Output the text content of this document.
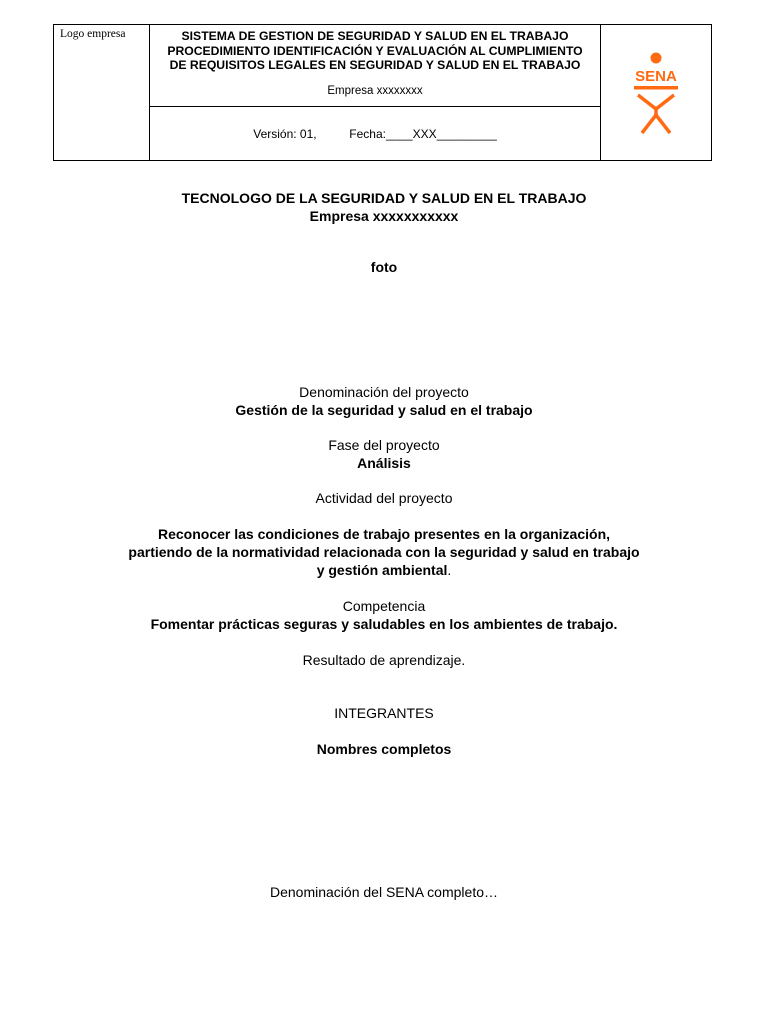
Logo empresa	SISTEMA DE GESTION DE SEGURIDAD Y SALUD EN EL TRABAJO
PROCEDIMIENTO IDENTIFICACIÓN Y EVALUACIÓN AL CUMPLIMIENTO
DE REQUISITOS LEGALES EN SEGURIDAD Y SALUD EN EL TRABAJO
Empresa xxxxxxxx

SENA

Versión: 01,	Fecha:____XXX_________
TECNOLOGO DE LA SEGURIDAD Y SALUD EN EL TRABAJO
Empresa xxxxxxxxxxx
foto
Denominación del proyecto
Gestión de la seguridad y salud en el trabajo
Fase del proyecto
Análisis
Actividad del proyecto
Reconocer las condiciones de trabajo presentes en la organización,
partiendo de la normatividad relacionada con la seguridad y salud en trabajo
y gestión ambiental.
Competencia
Fomentar prácticas seguras y saludables en los ambientes de trabajo.
Resultado de aprendizaje.
INTEGRANTES
Nombres completos
Denominación del SENA completo…
